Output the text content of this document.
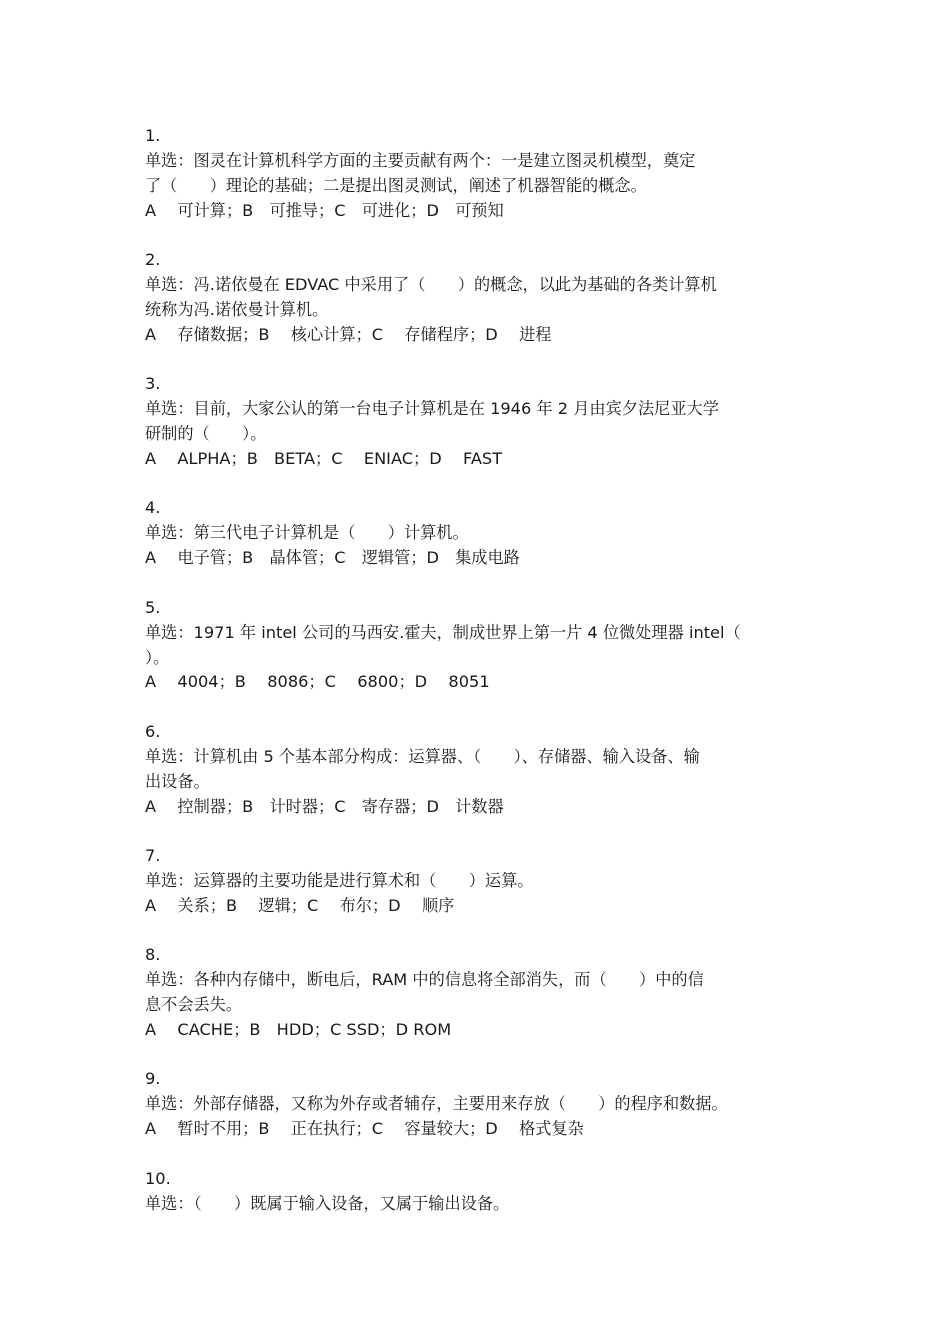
1.
单选：图灵在计算机科学方面的主要贡献有两个：一是建立图灵机模型，奠定
了（　　）理论的基础；二是提出图灵测试，阐述了机器智能的概念。
A　 可计算；B　可推导；C　可进化；D　可预知
2.
单选：冯.诺依曼在 EDVAC 中采用了（　　）的概念，以此为基础的各类计算机
统称为冯.诺依曼计算机。
A　 存储数据；B　 核心计算；C　 存储程序；D　 进程
3.
单选：目前，大家公认的第一台电子计算机是在 1946 年 2 月由宾夕法尼亚大学
研制的（　　）。
A　 ALPHA；B　BETA；C　 ENIAC；D　 FAST
4.
单选：第三代电子计算机是（　　）计算机。
A　 电子管；B　晶体管；C　逻辑管；D　集成电路
5.
单选：1971 年 intel 公司的马西安.霍夫，制成世界上第一片 4 位微处理器 intel（
）。
A　 4004；B　 8086；C　 6800；D　 8051
6.
单选：计算机由 5 个基本部分构成：运算器、（　　）、存储器、输入设备、输
出设备。
A　 控制器；B　计时器；C　寄存器；D　计数器
7.
单选：运算器的主要功能是进行算术和（　　）运算。
A　 关系；B　 逻辑；C　 布尔；D　 顺序
8.
单选：各种内存储中，断电后，RAM 中的信息将全部消失，而（　　）中的信
息不会丢失。
A　 CACHE；B　HDD；C SSD；D ROM
9.
单选：外部存储器，又称为外存或者辅存，主要用来存放（　　）的程序和数据。
A　 暂时不用；B　 正在执行；C　 容量较大；D　 格式复杂
10.
单选：（　　）既属于输入设备，又属于输出设备。
